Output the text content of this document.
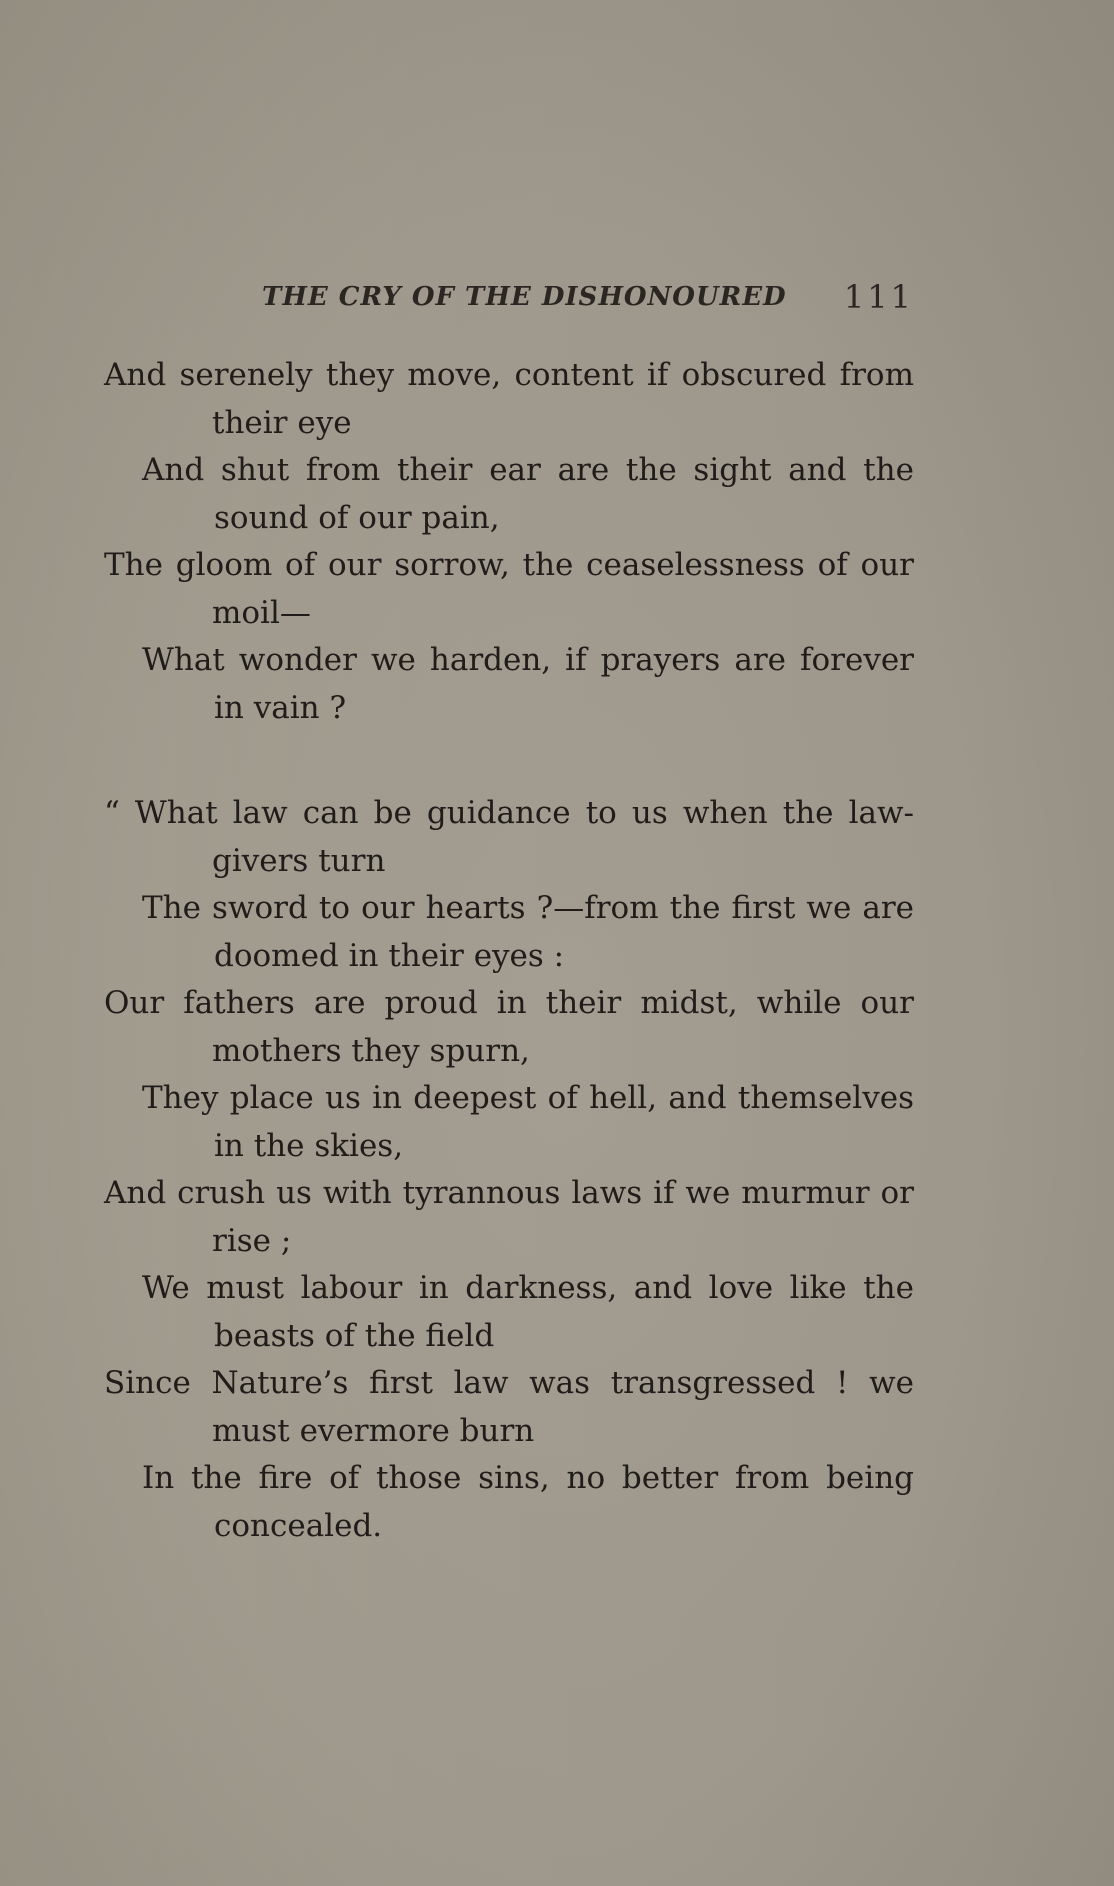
THE CRY OF THE DISHONOURED 111
And serenely they move, content if obscured from their eye
And shut from their ear are the sight and the sound of our pain,
The gloom of our sorrow, the ceaselessness of our moil—
What wonder we harden, if prayers are forever in vain ?
“ What law can be guidance to us when the law-givers turn
The sword to our hearts ?—from the first we are doomed in their eyes :
Our fathers are proud in their midst, while our mothers they spurn,
They place us in deepest of hell, and themselves in the skies,
And crush us with tyrannous laws if we murmur or rise ;
We must labour in darkness, and love like the beasts of the field
Since Nature’s first law was transgressed ! we must evermore burn
In the fire of those sins, no better from being concealed.
